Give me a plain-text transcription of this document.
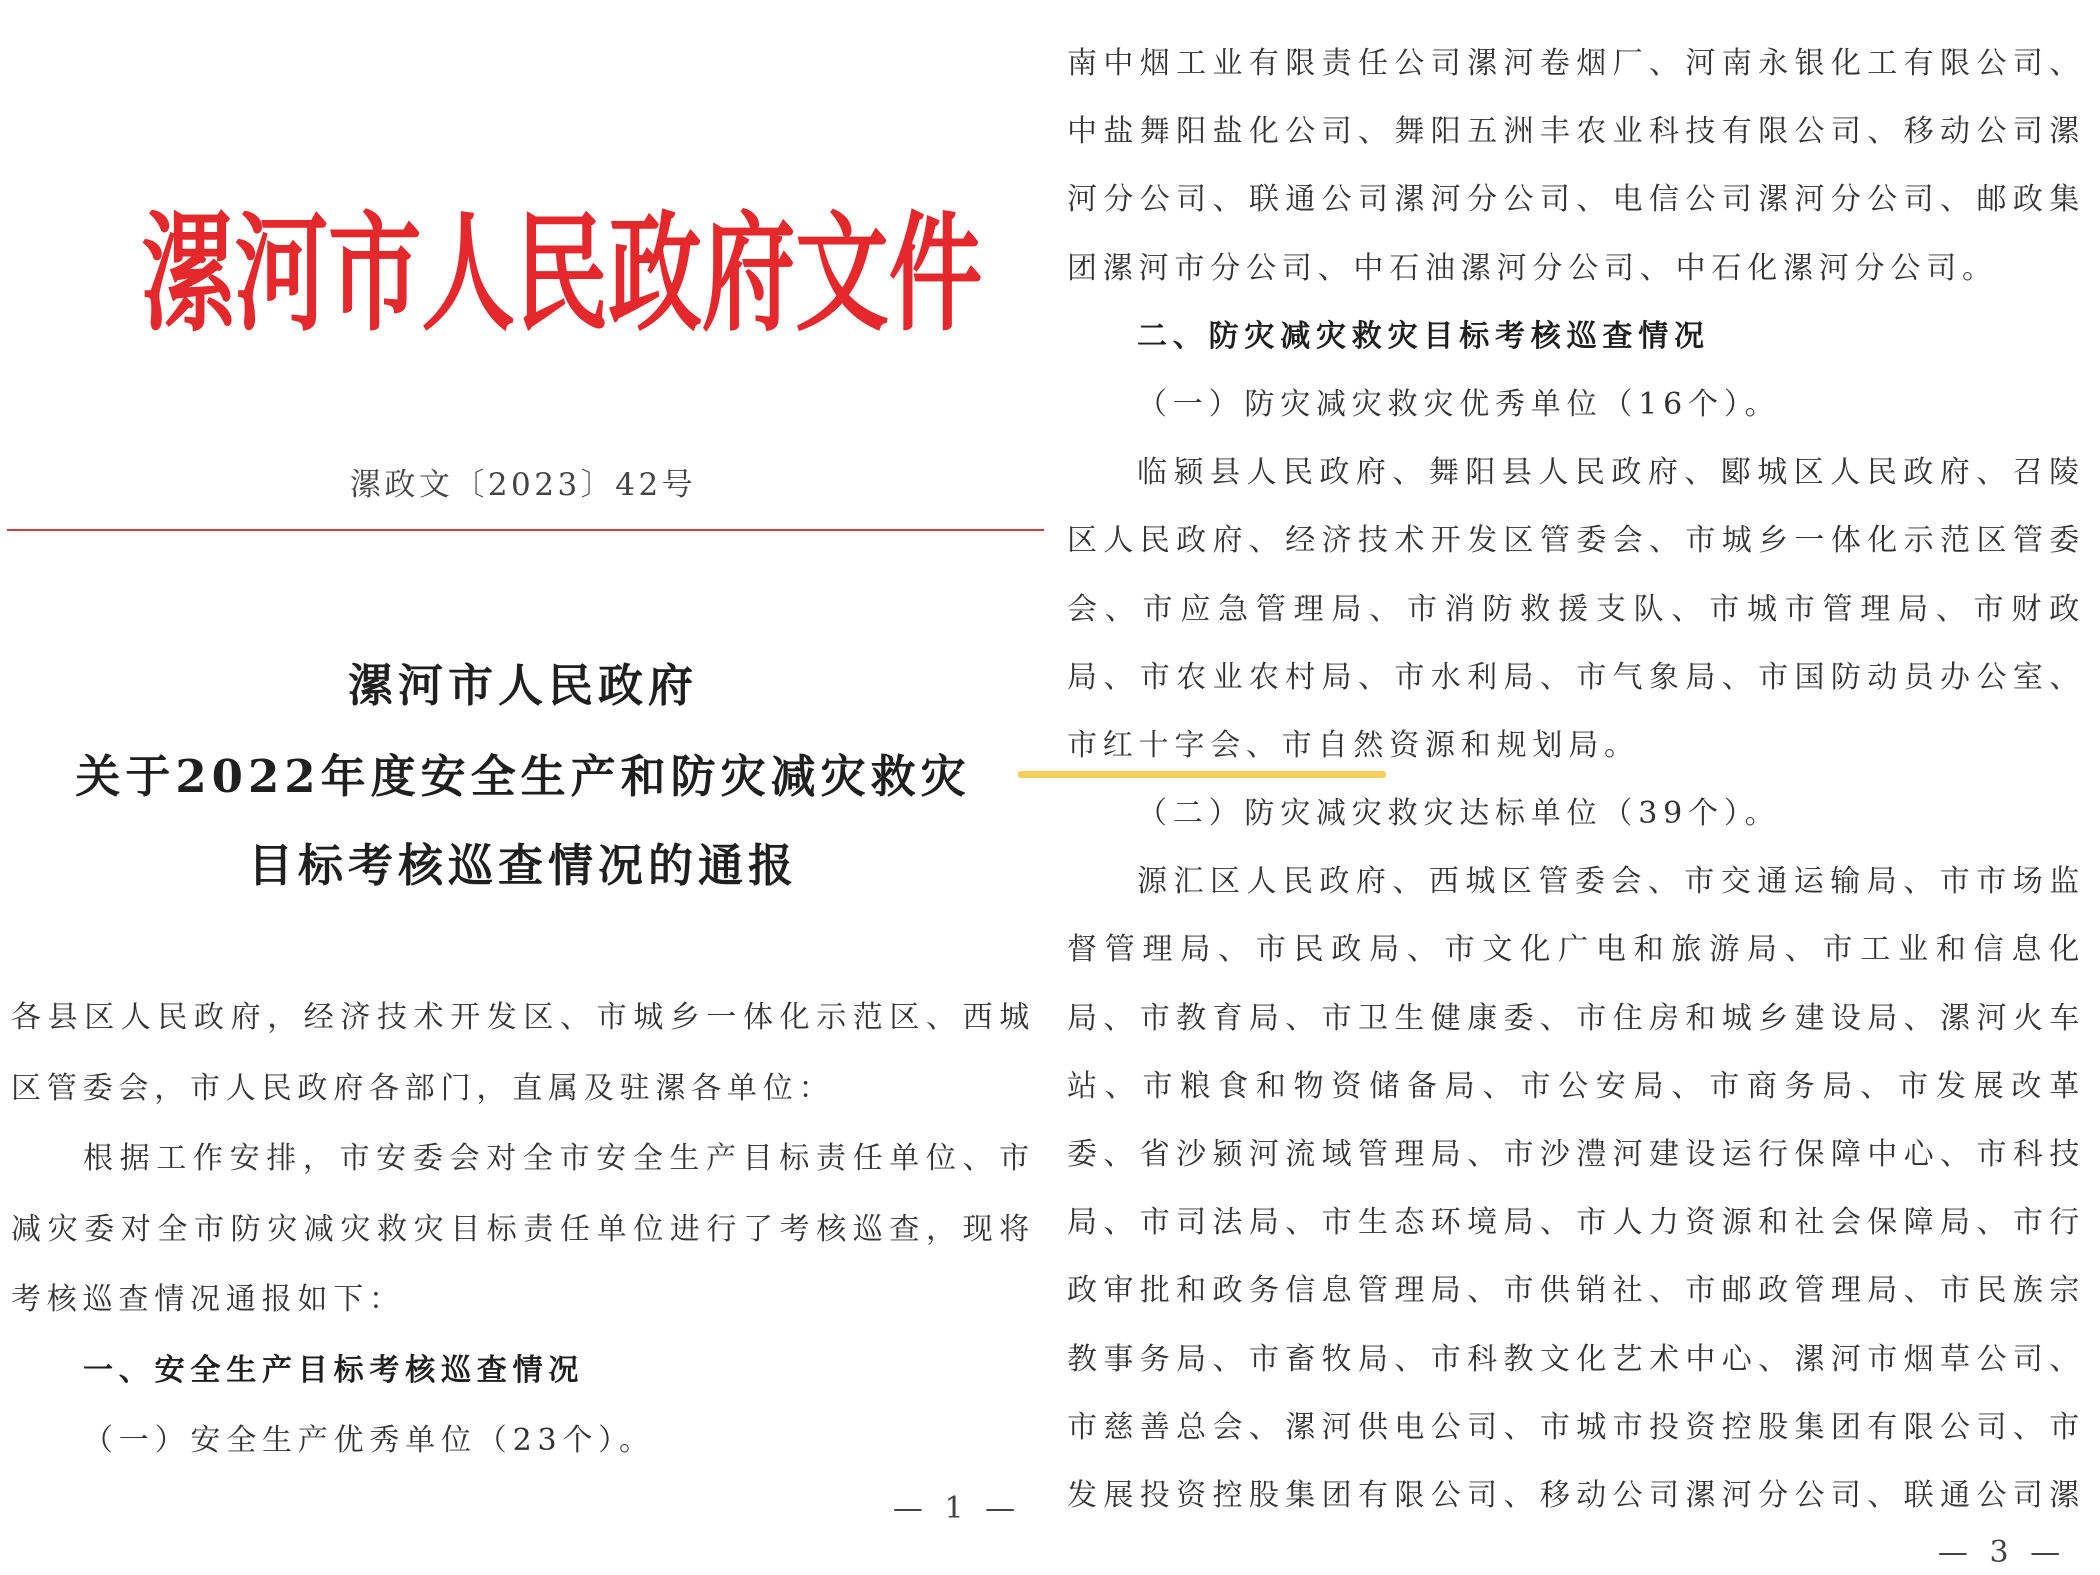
漯河市人民政府文件
漯政文〔2023〕42号
漯河市人民政府
关于2022年度安全生产和防灾减灾救灾
目标考核巡查情况的通报
各县区人民政府，经济技术开发区、市城乡一体化示范区、西城
区管委会，市人民政府各部门，直属及驻漯各单位：
根据工作安排，市安委会对全市安全生产目标责任单位、市
减灾委对全市防灾减灾救灾目标责任单位进行了考核巡查，现将
考核巡查情况通报如下：
一、安全生产目标考核巡查情况
（一）安全生产优秀单位（23个）。
— 1 —
南中烟工业有限责任公司漯河卷烟厂、河南永银化工有限公司、
中盐舞阳盐化公司、舞阳五洲丰农业科技有限公司、移动公司漯
河分公司、联通公司漯河分公司、电信公司漯河分公司、邮政集
团漯河市分公司、中石油漯河分公司、中石化漯河分公司。
二、防灾减灾救灾目标考核巡查情况
（一）防灾减灾救灾优秀单位（16个）。
临颍县人民政府、舞阳县人民政府、郾城区人民政府、召陵
区人民政府、经济技术开发区管委会、市城乡一体化示范区管委
会、市应急管理局、市消防救援支队、市城市管理局、市财政
局、市农业农村局、市水利局、市气象局、市国防动员办公室、
市红十字会、市自然资源和规划局。
（二）防灾减灾救灾达标单位（39个）。
源汇区人民政府、西城区管委会、市交通运输局、市市场监
督管理局、市民政局、市文化广电和旅游局、市工业和信息化
局、市教育局、市卫生健康委、市住房和城乡建设局、漯河火车
站、市粮食和物资储备局、市公安局、市商务局、市发展改革
委、省沙颍河流域管理局、市沙澧河建设运行保障中心、市科技
局、市司法局、市生态环境局、市人力资源和社会保障局、市行
政审批和政务信息管理局、市供销社、市邮政管理局、市民族宗
教事务局、市畜牧局、市科教文化艺术中心、漯河市烟草公司、
市慈善总会、漯河供电公司、市城市投资控股集团有限公司、市
发展投资控股集团有限公司、移动公司漯河分公司、联通公司漯
— 3 —
